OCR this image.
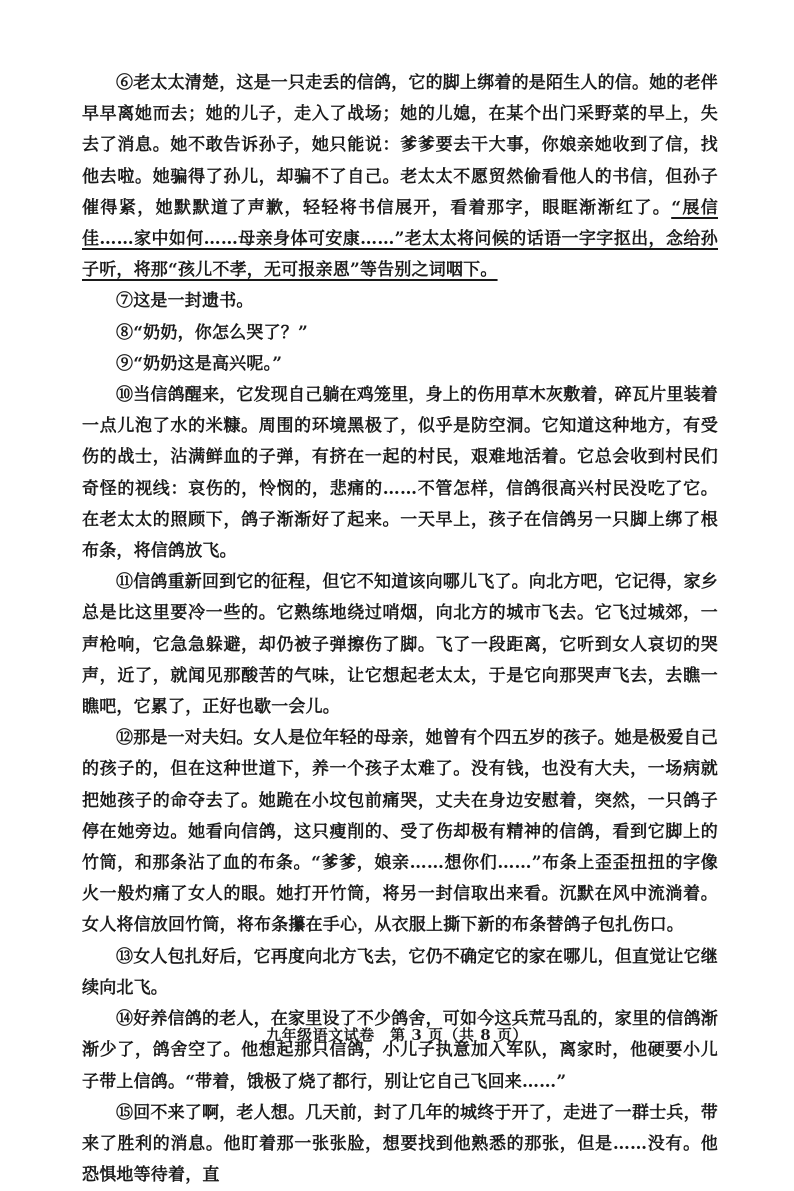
⑥老太太清楚，这是一只走丢的信鸽，它的脚上绑着的是陌生人的信。她的老伴早早离她而去；她的儿子，走入了战场；她的儿媳，在某个出门采野菜的早上，失去了消息。她不敢告诉孙子，她只能说：爹爹要去干大事，你娘亲她收到了信，找他去啦。她骗得了孙儿，却骗不了自己。老太太不愿贸然偷看他人的书信，但孙子催得紧，她默默道了声歉，轻轻将书信展开，看着那字，眼眶渐渐红了。“展信佳……家中如何……母亲身体可安康……”老太太将问候的话语一字字抠出，念给孙子听，将那“孩儿不孝，无可报亲恩”等告别之词咽下。

⑦这是一封遗书。

⑧“奶奶，你怎么哭了？”

⑨“奶奶这是高兴呢。”

⑩当信鸽醒来，它发现自己躺在鸡笼里，身上的伤用草木灰敷着，碎瓦片里装着一点儿泡了水的米糠。周围的环境黑极了，似乎是防空洞。它知道这种地方，有受伤的战士，沾满鲜血的子弹，有挤在一起的村民，艰难地活着。它总会收到村民们奇怪的视线：哀伤的，怜悯的，悲痛的……不管怎样，信鸽很高兴村民没吃了它。在老太太的照顾下，鸽子渐渐好了起来。一天早上，孩子在信鸽另一只脚上绑了根布条，将信鸽放飞。

⑪信鸽重新回到它的征程，但它不知道该向哪儿飞了。向北方吧，它记得，家乡总是比这里要冷一些的。它熟练地绕过哨烟，向北方的城市飞去。它飞过城郊，一声枪响，它急急躲避，却仍被子弹擦伤了脚。飞了一段距离，它听到女人哀切的哭声，近了，就闻见那酸苦的气味，让它想起老太太，于是它向那哭声飞去，去瞧一瞧吧，它累了，正好也歇一会儿。

⑫那是一对夫妇。女人是位年轻的母亲，她曾有个四五岁的孩子。她是极爱自己的孩子的，但在这种世道下，养一个孩子太难了。没有钱，也没有大夫，一场病就把她孩子的命夺去了。她跪在小坟包前痛哭，丈夫在身边安慰着，突然，一只鸽子停在她旁边。她看向信鸽，这只瘦削的、受了伤却极有精神的信鸽，看到它脚上的竹筒，和那条沾了血的布条。“爹爹，娘亲……想你们……”布条上歪歪扭扭的字像火一般灼痛了女人的眼。她打开竹筒，将另一封信取出来看。沉默在风中流淌着。女人将信放回竹筒，将布条攥在手心，从衣服上撕下新的布条替鸽子包扎伤口。

⑬女人包扎好后，它再度向北方飞去，它仍不确定它的家在哪儿，但直觉让它继续向北飞。

⑭好养信鸽的老人，在家里设了不少鸽舍，可如今这兵荒马乱的，家里的信鸽渐渐少了，鸽舍空了。他想起那只信鸽，小儿子执意加入军队，离家时，他硬要小儿子带上信鸽。“带着，饿极了烧了都行，别让它自己飞回来……”

⑮回不来了啊，老人想。几天前，封了几年的城终于开了，走进了一群士兵，带来了胜利的消息。他盯着那一张张脸，想要找到他熟悉的那张，但是……没有。他恐惧地等待着，直

九年级语文试卷　第 3 页（共 8 页）
